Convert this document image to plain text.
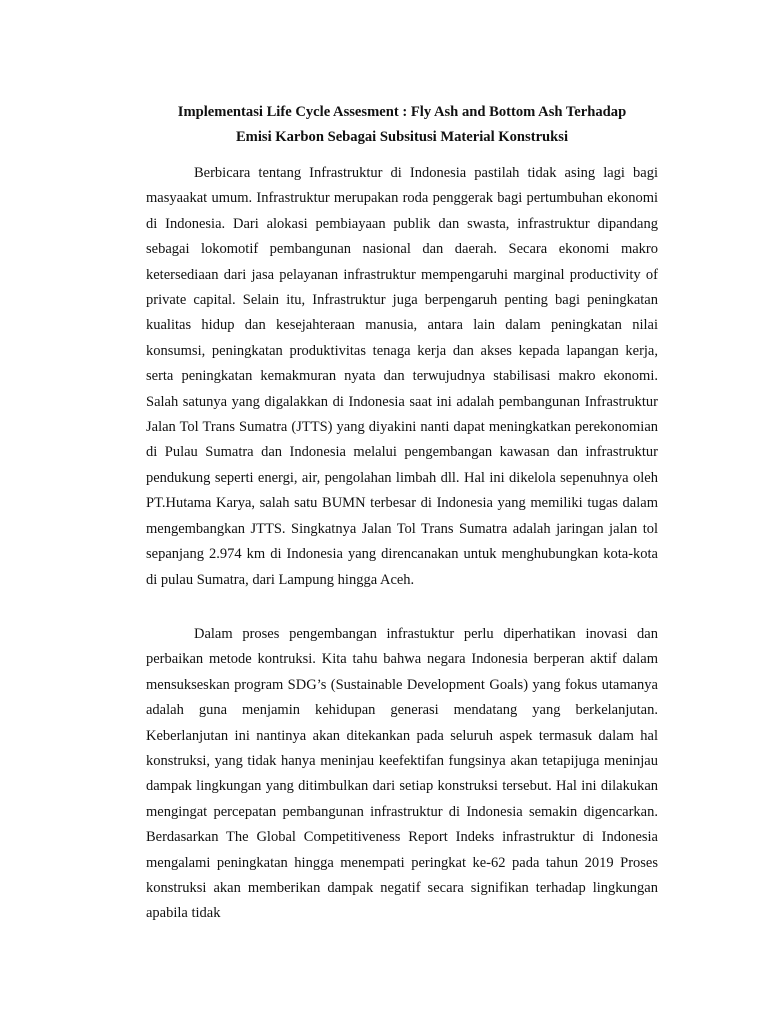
Implementasi Life Cycle Assesment : Fly Ash and Bottom Ash Terhadap
Emisi Karbon Sebagai Subsitusi Material Konstruksi

Berbicara tentang Infrastruktur di Indonesia pastilah tidak asing lagi bagi masyaakat umum. Infrastruktur merupakan roda penggerak bagi pertumbuhan ekonomi di Indonesia. Dari alokasi pembiayaan publik dan swasta, infrastruktur dipandang sebagai lokomotif pembangunan nasional dan daerah. Secara ekonomi makro ketersediaan dari jasa pelayanan infrastruktur mempengaruhi marginal productivity of private capital. Selain itu, Infrastruktur juga berpengaruh penting bagi peningkatan kualitas hidup dan kesejahteraan manusia, antara lain dalam peningkatan nilai konsumsi, peningkatan produktivitas tenaga kerja dan akses kepada lapangan kerja, serta peningkatan kemakmuran nyata dan terwujudnya stabilisasi makro ekonomi. Salah satunya yang digalakkan di Indonesia saat ini adalah pembangunan Infrastruktur Jalan Tol Trans Sumatra (JTTS) yang diyakini nanti dapat meningkatkan perekonomian di Pulau Sumatra dan Indonesia melalui pengembangan kawasan dan infrastruktur pendukung seperti energi, air, pengolahan limbah dll. Hal ini dikelola sepenuhnya oleh PT.Hutama Karya, salah satu BUMN terbesar di Indonesia yang memiliki tugas dalam mengembangkan JTTS. Singkatnya Jalan Tol Trans Sumatra adalah jaringan jalan tol sepanjang 2.974 km di Indonesia yang direncanakan untuk menghubungkan kota-kota di pulau Sumatra, dari Lampung hingga Aceh.

Dalam proses pengembangan infrastuktur perlu diperhatikan inovasi dan perbaikan metode kontruksi. Kita tahu bahwa negara Indonesia berperan aktif dalam mensukseskan program SDG’s (Sustainable Development Goals) yang fokus utamanya adalah guna menjamin kehidupan generasi mendatang yang berkelanjutan. Keberlanjutan ini nantinya akan ditekankan pada seluruh aspek termasuk dalam hal konstruksi, yang tidak hanya meninjau keefektifan fungsinya akan tetapijuga meninjau dampak lingkungan yang ditimbulkan dari setiap konstruksi tersebut. Hal ini dilakukan mengingat percepatan pembangunan infrastruktur di Indonesia semakin digencarkan. Berdasarkan The Global Competitiveness Report Indeks infrastruktur di Indonesia mengalami peningkatan hingga menempati peringkat ke-62 pada tahun 2019 Proses konstruksi akan memberikan dampak negatif secara signifikan terhadap lingkungan apabila tidak
